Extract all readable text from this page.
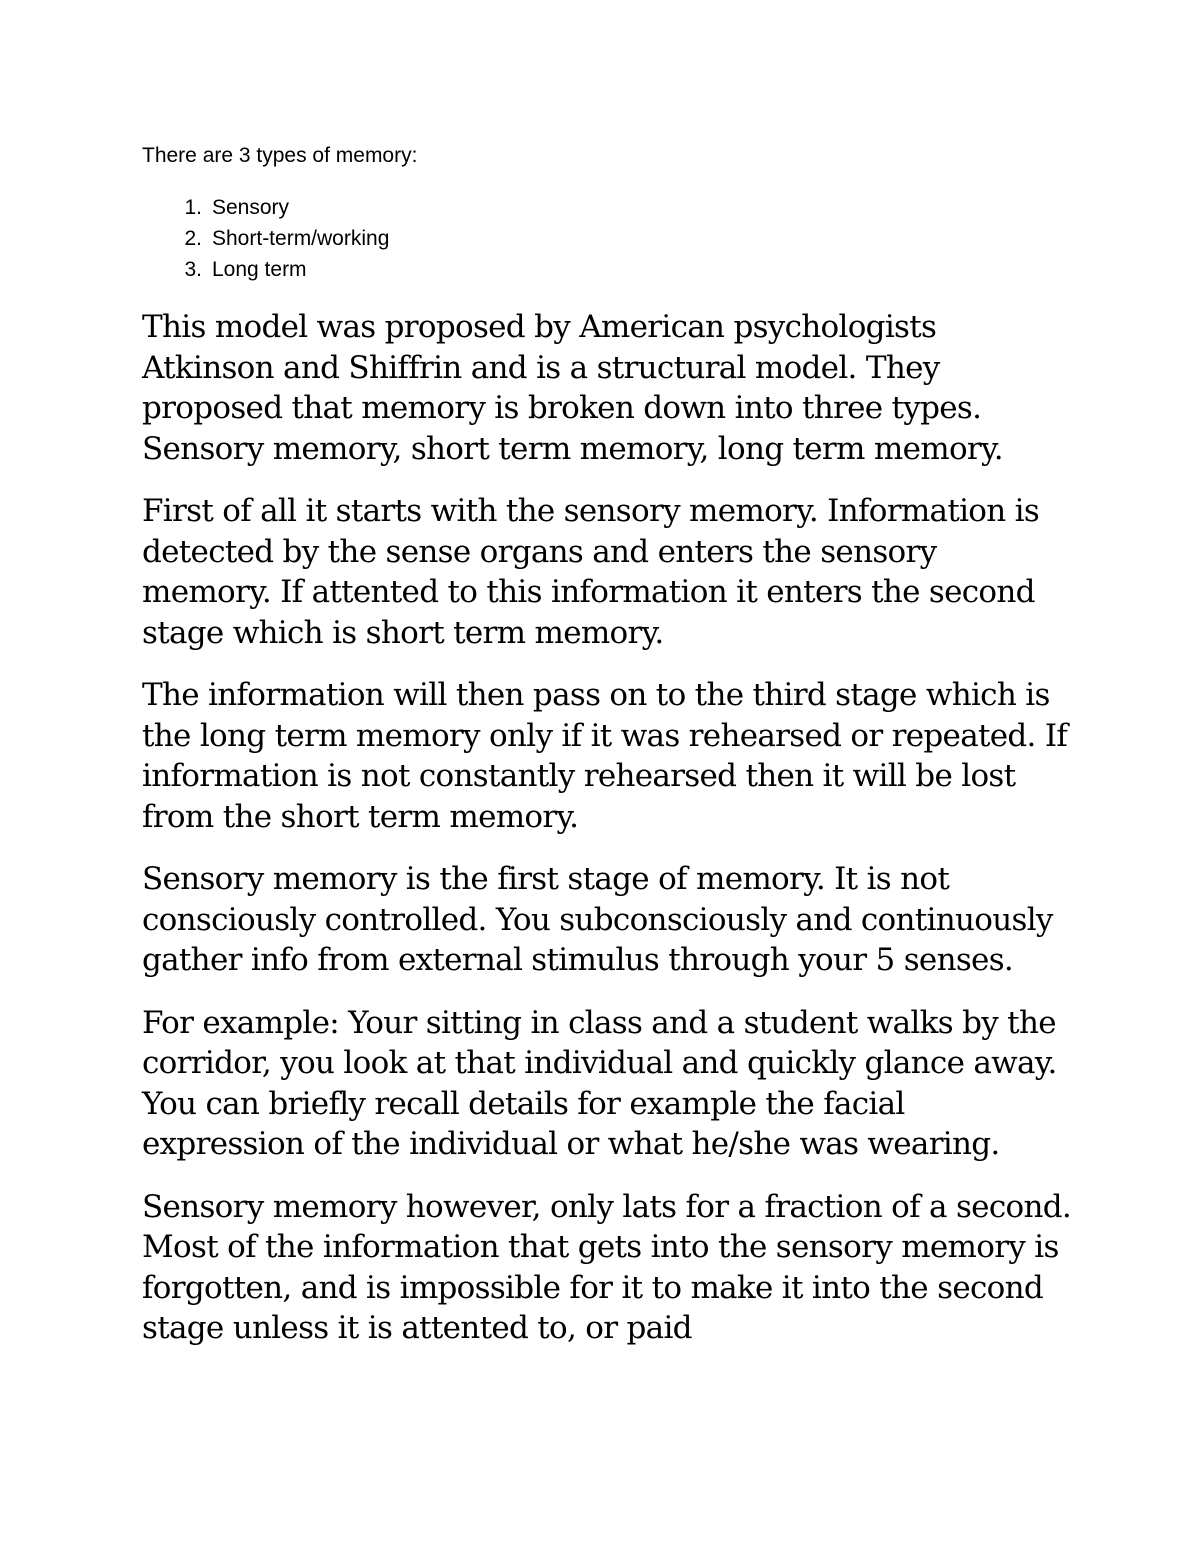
There are 3 types of memory:

1. Sensory
2. Short-term/working
3. Long term

This model was proposed by American psychologists Atkinson and Shiffrin and is a structural model. They proposed that memory is broken down into three types. Sensory memory, short term memory, long term memory.

First of all it starts with the sensory memory. Information is detected by the sense organs and enters the sensory memory. If attented to this information it enters the second stage which is short term memory.

The information will then pass on to the third stage which is the long term memory only if it was rehearsed or repeated. If information is not constantly rehearsed then it will be lost from the short term memory.

Sensory memory is the first stage of memory. It is not consciously controlled. You subconsciously and continuously gather info from external stimulus through your 5 senses.

For example: Your sitting in class and a student walks by the corridor, you look at that individual and quickly glance away. You can briefly recall details for example the facial expression of the individual or what he/she was wearing.

Sensory memory however, only lats for a fraction of a second. Most of the information that gets into the sensory memory is forgotten, and is impossible for it to make it into the second stage unless it is attented to, or paid
